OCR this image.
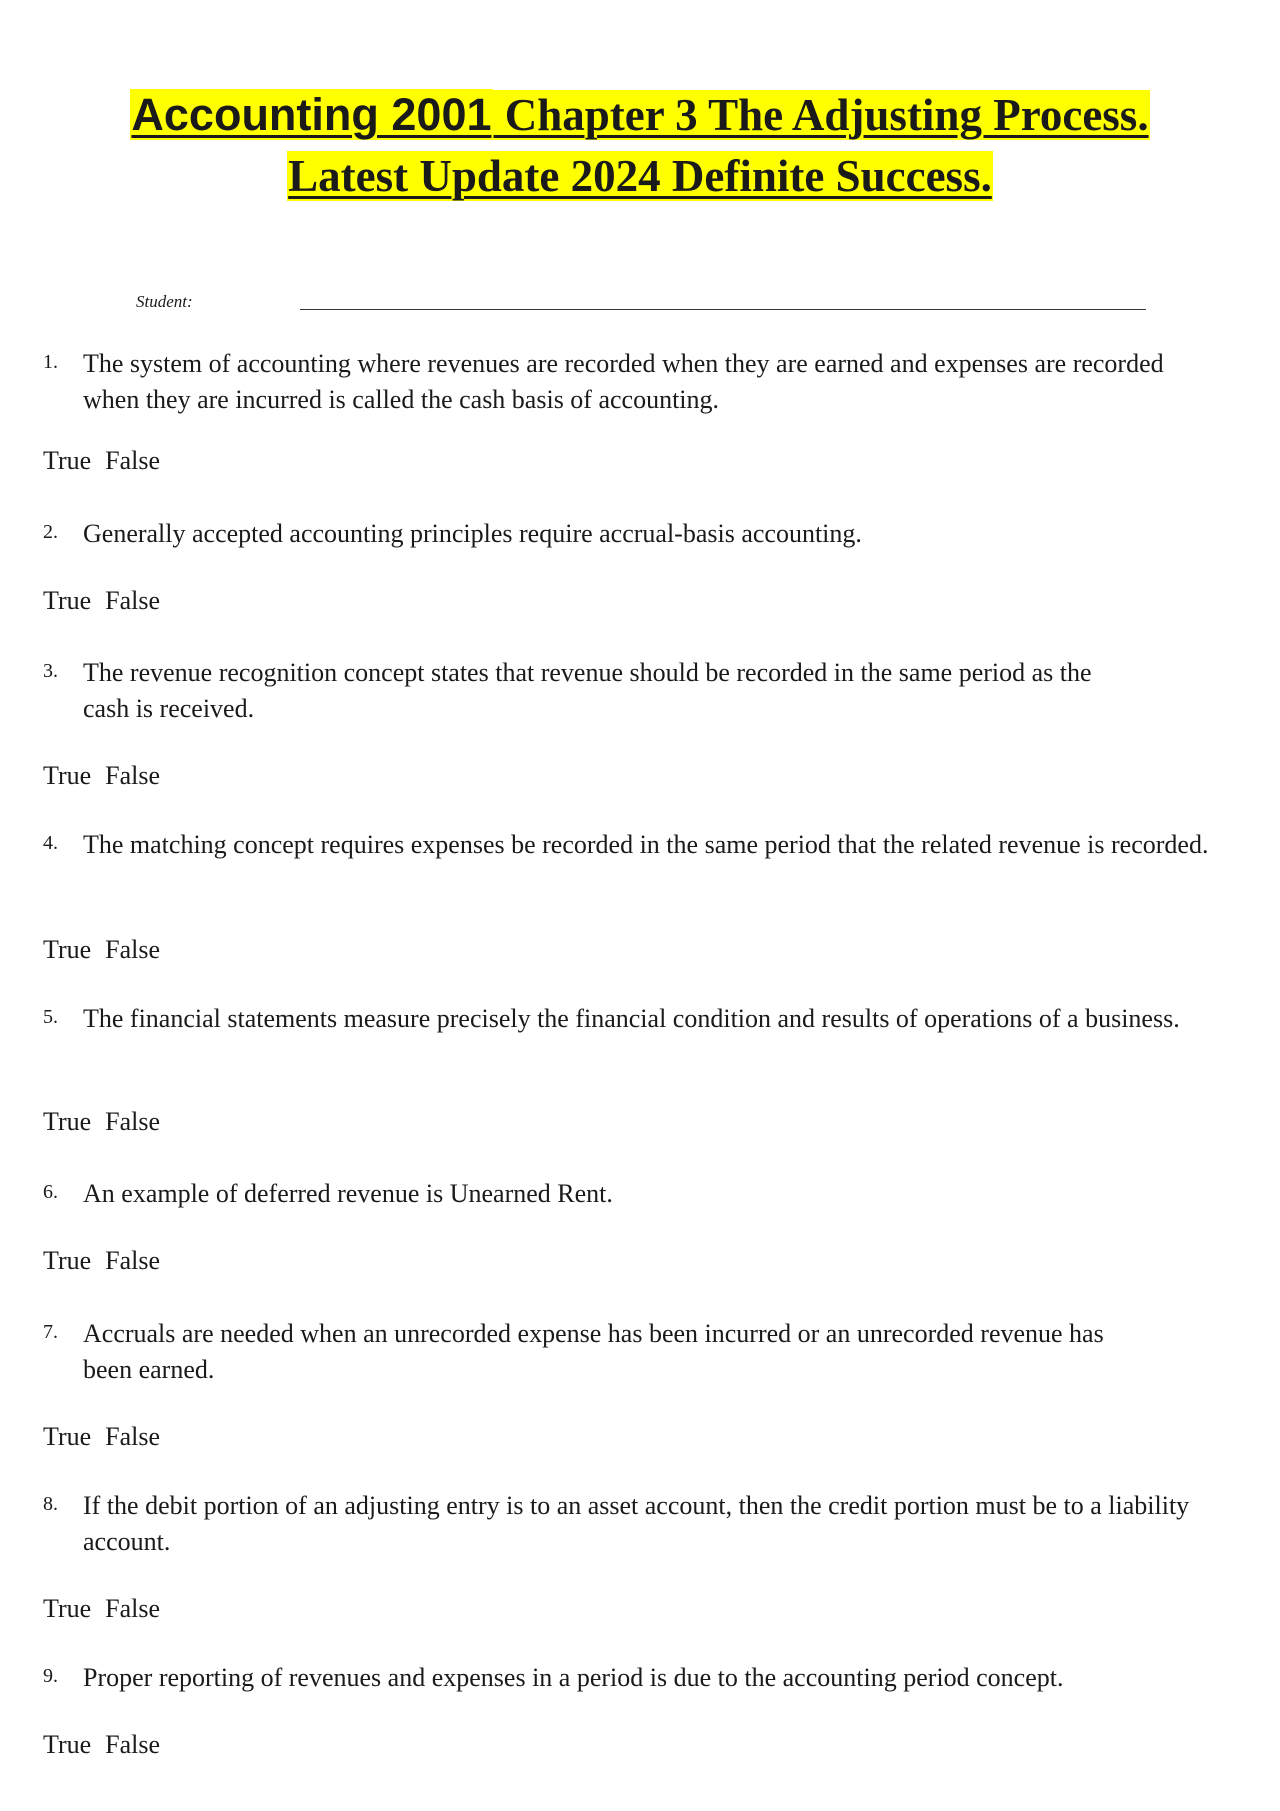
Accounting 2001 Chapter 3 The Adjusting Process.
Latest Update 2024 Definite Success.
Student:
1. The system of accounting where revenues are recorded when they are earned and expenses are recorded when they are incurred is called the cash basis of accounting.
True False
2. Generally accepted accounting principles require accrual-basis accounting.
True False
3. The revenue recognition concept states that revenue should be recorded in the same period as the cash is received.
True False
4. The matching concept requires expenses be recorded in the same period that the related revenue is recorded.
True False
5. The financial statements measure precisely the financial condition and results of operations of a business.
True False
6. An example of deferred revenue is Unearned Rent.
True False
7. Accruals are needed when an unrecorded expense has been incurred or an unrecorded revenue has been earned.
True False
8. If the debit portion of an adjusting entry is to an asset account, then the credit portion must be to a liability account.
True False
9. Proper reporting of revenues and expenses in a period is due to the accounting period concept.
True False
